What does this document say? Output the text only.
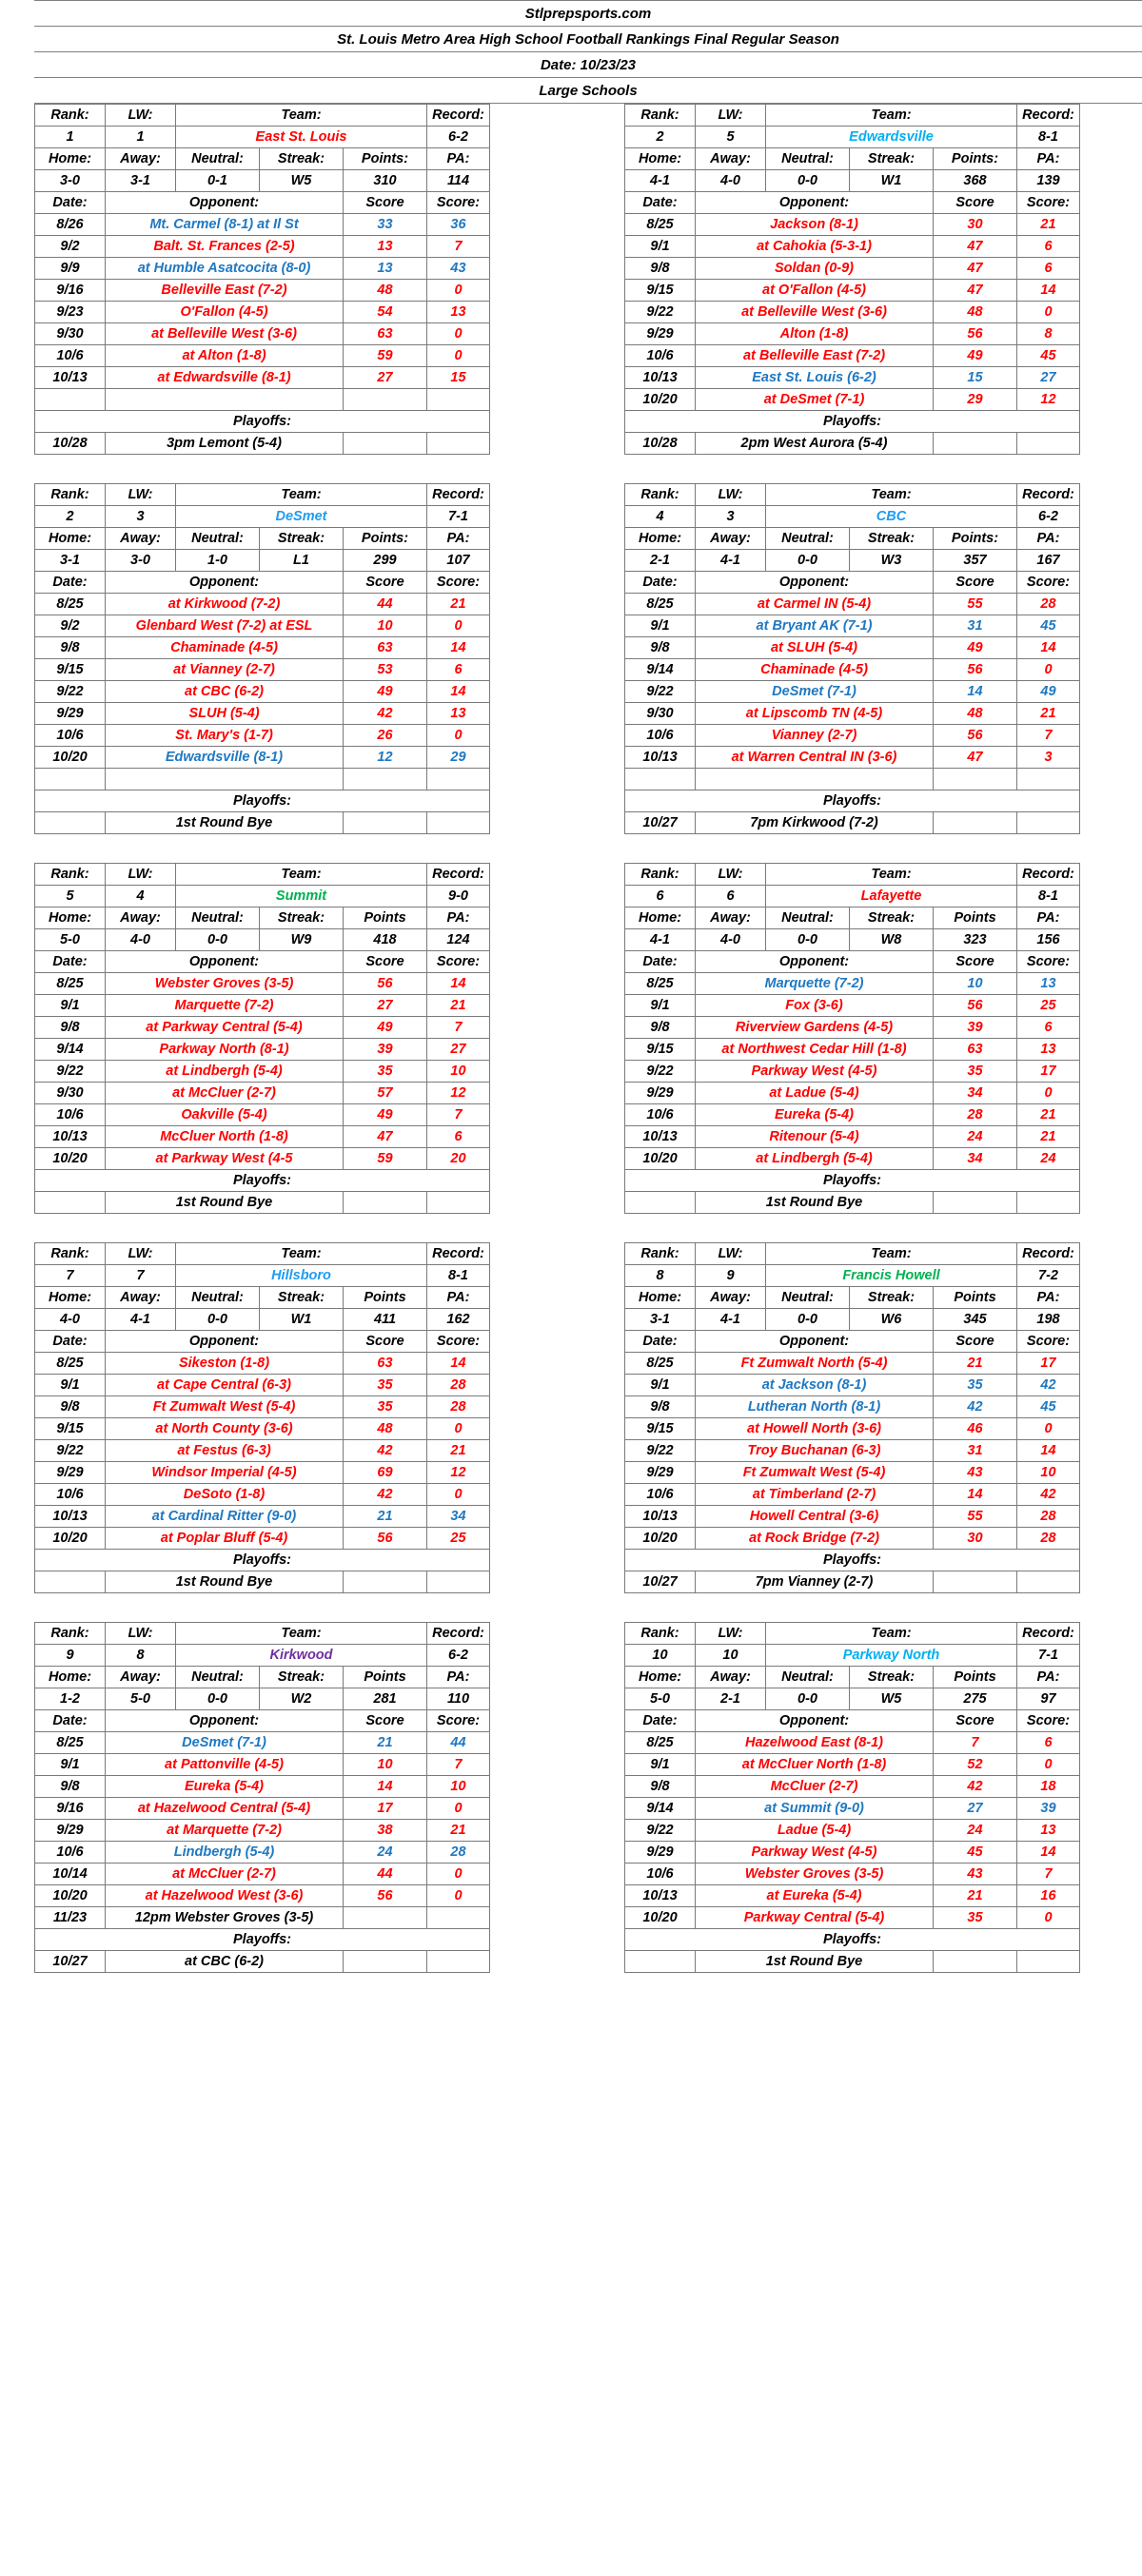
	Stlprepsports.com
	St. Louis Metro Area High School Football Rankings Final Regular Season
	Date: 10/23/23
	Large Schools
Rank:	LW:	Team:			Record:
1	1	East St. Louis			6-2
Home:	Away:	Neutral:	Streak:	Points:	PA:
3-0	3-1	0-1	W5	310	114
Date:	Opponent:			Score	Score:
8/26	Mt. Carmel (8-1) at Il St			33	36
9/2	Balt. St. Frances (2-5)			13	7
9/9	at Humble Asatcocita (8-0)			13	43
9/16	Belleville East (7-2)			48	0
9/23	O'Fallon (4-5)			54	13
9/30	at Belleville West (3-6)			63	0
10/6	at Alton (1-8)			59	0
10/13	at Edwardsville (8-1)			27	15

Playoffs:					
10/28	3pm Lemont (5-4)				
Rank:	LW:	Team:			Record:
2	5	Edwardsville			8-1
Home:	Away:	Neutral:	Streak:	Points:	PA:
4-1	4-0	0-0	W1	368	139
Date:	Opponent:			Score	Score:
8/25	Jackson (8-1)			30	21
9/1	at Cahokia (5-3-1)			47	6
9/8	Soldan (0-9)			47	6
9/15	at O'Fallon (4-5)			47	14
9/22	at Belleville West (3-6)			48	0
9/29	Alton (1-8)			56	8
10/6	at Belleville East (7-2)			49	45
10/13	East St. Louis (6-2)			15	27
10/20	at DeSmet (7-1)			29	12
Playoffs:					
10/28	2pm West Aurora (5-4)				
Rank:	LW:	Team:			Record:
2	3	DeSmet			7-1
Home:	Away:	Neutral:	Streak:	Points:	PA:
3-1	3-0	1-0	L1	299	107
Date:	Opponent:			Score	Score:
8/25	at Kirkwood (7-2)			44	21
9/2	Glenbard West (7-2) at ESL			10	0
9/8	Chaminade (4-5)			63	14
9/15	at Vianney (2-7)			53	6
9/22	at CBC (6-2)			49	14
9/29	SLUH (5-4)			42	13
10/6	St. Mary's (1-7)			26	0
10/20	Edwardsville (8-1)			12	29

Playoffs:					
	1st Round Bye				
Rank:	LW:	Team:			Record:
4	3	CBC			6-2
Home:	Away:	Neutral:	Streak:	Points:	PA:
2-1	4-1	0-0	W3	357	167
Date:	Opponent:			Score	Score:
8/25	at Carmel IN (5-4)			55	28
9/1	at Bryant AK (7-1)			31	45
9/8	at SLUH (5-4)			49	14
9/14	Chaminade (4-5)			56	0
9/22	DeSmet (7-1)			14	49
9/30	at Lipscomb TN (4-5)			48	21
10/6	Vianney (2-7)			56	7
10/13	at Warren Central IN (3-6)			47	3

Playoffs:					
10/27	7pm Kirkwood (7-2)				
Rank:	LW:	Team:			Record:
5	4	Summit			9-0
Home:	Away:	Neutral:	Streak:	Points	PA:
5-0	4-0	0-0	W9	418	124
Date:	Opponent:			Score	Score:
8/25	Webster Groves (3-5)			56	14
9/1	Marquette (7-2)			27	21
9/8	at Parkway Central (5-4)			49	7
9/14	Parkway North (8-1)			39	27
9/22	at Lindbergh (5-4)			35	10
9/30	at McCluer (2-7)			57	12
10/6	Oakville (5-4)			49	7
10/13	McCluer North (1-8)			47	6
10/20	at Parkway West (4-5			59	20
Playoffs:					
	1st Round Bye				
Rank:	LW:	Team:			Record:
6	6	Lafayette			8-1
Home:	Away:	Neutral:	Streak:	Points	PA:
4-1	4-0	0-0	W8	323	156
Date:	Opponent:			Score	Score:
8/25	Marquette (7-2)			10	13
9/1	Fox (3-6)			56	25
9/8	Riverview Gardens (4-5)			39	6
9/15	at Northwest Cedar Hill (1-8)			63	13
9/22	Parkway West (4-5)			35	17
9/29	at Ladue (5-4)			34	0
10/6	Eureka (5-4)			28	21
10/13	Ritenour (5-4)			24	21
10/20	at Lindbergh (5-4)			34	24
Playoffs:					
	1st Round Bye				
Rank:	LW:	Team:			Record:
7	7	Hillsboro			8-1
Home:	Away:	Neutral:	Streak:	Points	PA:
4-0	4-1	0-0	W1	411	162
Date:	Opponent:			Score	Score:
8/25	Sikeston (1-8)			63	14
9/1	at Cape Central (6-3)			35	28
9/8	Ft Zumwalt West (5-4)			35	28
9/15	at North County (3-6)			48	0
9/22	at Festus (6-3)			42	21
9/29	Windsor Imperial (4-5)			69	12
10/6	DeSoto (1-8)			42	0
10/13	at Cardinal Ritter (9-0)			21	34
10/20	at Poplar Bluff (5-4)			56	25
Playoffs:					
	1st Round Bye				
Rank:	LW:	Team:			Record:
8	9	Francis Howell			7-2
Home:	Away:	Neutral:	Streak:	Points	PA:
3-1	4-1	0-0	W6	345	198
Date:	Opponent:			Score	Score:
8/25	Ft Zumwalt North (5-4)			21	17
9/1	at Jackson (8-1)			35	42
9/8	Lutheran North (8-1)			42	45
9/15	at Howell North (3-6)			46	0
9/22	Troy Buchanan (6-3)			31	14
9/29	Ft Zumwalt West (5-4)			43	10
10/6	at Timberland (2-7)			14	42
10/13	Howell Central (3-6)			55	28
10/20	at Rock Bridge (7-2)			30	28
Playoffs:					
10/27	7pm Vianney (2-7)				
Rank:	LW:	Team:			Record:
9	8	Kirkwood			6-2
Home:	Away:	Neutral:	Streak:	Points	PA:
1-2	5-0	0-0	W2	281	110
Date:	Opponent:			Score	Score:
8/25	DeSmet (7-1)			21	44
9/1	at Pattonville (4-5)			10	7
9/8	Eureka (5-4)			14	10
9/16	at Hazelwood Central (5-4)			17	0
9/29	at Marquette (7-2)			38	21
10/6	Lindbergh (5-4)			24	28
10/14	at McCluer (2-7)			44	0
10/20	at Hazelwood West (3-6)			56	0
11/23	12pm Webster Groves (3-5)				
Playoffs:					
10/27	at CBC (6-2)				
Rank:	LW:	Team:			Record:
10	10	Parkway North			7-1
Home:	Away:	Neutral:	Streak:	Points	PA:
5-0	2-1	0-0	W5	275	97
Date:	Opponent:			Score	Score:
8/25	Hazelwood East (8-1)			7	6
9/1	at McCluer North (1-8)			52	0
9/8	McCluer (2-7)			42	18
9/14	at Summit (9-0)			27	39
9/22	Ladue (5-4)			24	13
9/29	Parkway West (4-5)			45	14
10/6	Webster Groves (3-5)			43	7
10/13	at Eureka (5-4)			21	16
10/20	Parkway Central (5-4)			35	0
Playoffs:					
	1st Round Bye				
